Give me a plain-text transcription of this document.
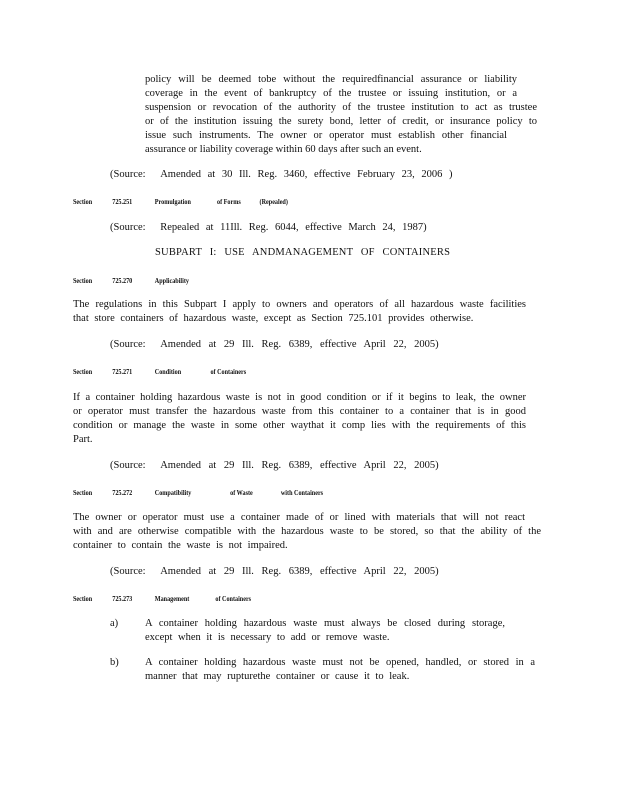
policy will be deemed tobe without the requiredfinancial assurance or liability

coverage in the event of bankruptcy of the trustee or issuing institution, or a

suspension or revocation of the authority of the trustee institution to act as trustee

or of the institution issuing the surety bond, letter of credit, or insurance policy to

issue such instruments. The owner or operator must establish other financial

assurance or liability coverage within 60 days after such an event.

(Source: Amended at 30 Ill. Reg. 3460, effective February 23, 2006 )
Section	725.251	Promulgation	of Forms	(Repealed)
(Source: Repealed at 11Ill. Reg. 6044, effective March 24, 1987)
SUBPART I: USE ANDMANAGEMENT OF CONTAINERS
Section	725.270	Applicability

The regulations in this Subpart I apply to owners and operators of all hazardous waste facilities

that store containers of hazardous waste, except as Section 725.101 provides otherwise.

(Source: Amended at 29 Ill. Reg. 6389, effective April 22, 2005)
Section	725.271	Condition	of Containers

If a container holding hazardous waste is not in good condition or if it begins to leak, the owner

or operator must transfer the hazardous waste from this container to a container that is in good

condition or manage the waste in some other waythat it comp lies with the requirements of this

Part.

(Source: Amended at 29 Ill. Reg. 6389, effective April 22, 2005)
Section	725.272	Compatibility	of Waste	with Containers

The owner or operator must use a container made of or lined with materials that will not react

with and are otherwise compatible with the hazardous waste to be stored, so that the ability of the

container to contain the waste is not impaired.

(Source: Amended at 29 Ill. Reg. 6389, effective April 22, 2005)
Section	725.273	Management	of Containers
a)	A container holding hazardous waste must always be closed during storage,

except when it is necessary to add or remove waste.

b)	A container holding hazardous waste must not be opened, handled, or stored in a

manner that may rupturethe container or cause it to leak.
